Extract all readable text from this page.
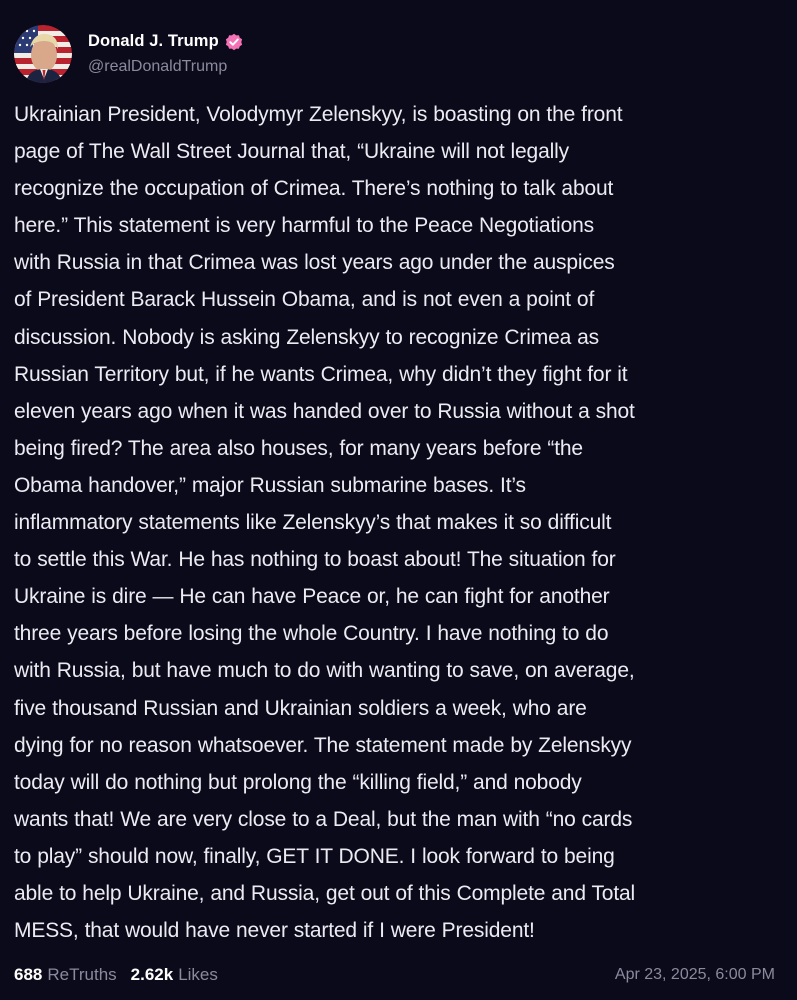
Donald J. Trump
@realDonaldTrump
Ukrainian President, Volodymyr Zelenskyy, is boasting on the front
page of The Wall Street Journal that, “Ukraine will not legally
recognize the occupation of Crimea. There’s nothing to talk about
here.” This statement is very harmful to the Peace Negotiations
with Russia in that Crimea was lost years ago under the auspices
of President Barack Hussein Obama, and is not even a point of
discussion. Nobody is asking Zelenskyy to recognize Crimea as
Russian Territory but, if he wants Crimea, why didn’t they fight for it
eleven years ago when it was handed over to Russia without a shot
being fired? The area also houses, for many years before “the
Obama handover,” major Russian submarine bases. It’s
inflammatory statements like Zelenskyy’s that makes it so difficult
to settle this War. He has nothing to boast about! The situation for
Ukraine is dire — He can have Peace or, he can fight for another
three years before losing the whole Country. I have nothing to do
with Russia, but have much to do with wanting to save, on average,
five thousand Russian and Ukrainian soldiers a week, who are
dying for no reason whatsoever. The statement made by Zelenskyy
today will do nothing but prolong the “killing field,” and nobody
wants that! We are very close to a Deal, but the man with “no cards
to play” should now, finally, GET IT DONE. I look forward to being
able to help Ukraine, and Russia, get out of this Complete and Total
MESS, that would have never started if I were President!
688 ReTruths 2.62k Likes	Apr 23, 2025, 6:00 PM
